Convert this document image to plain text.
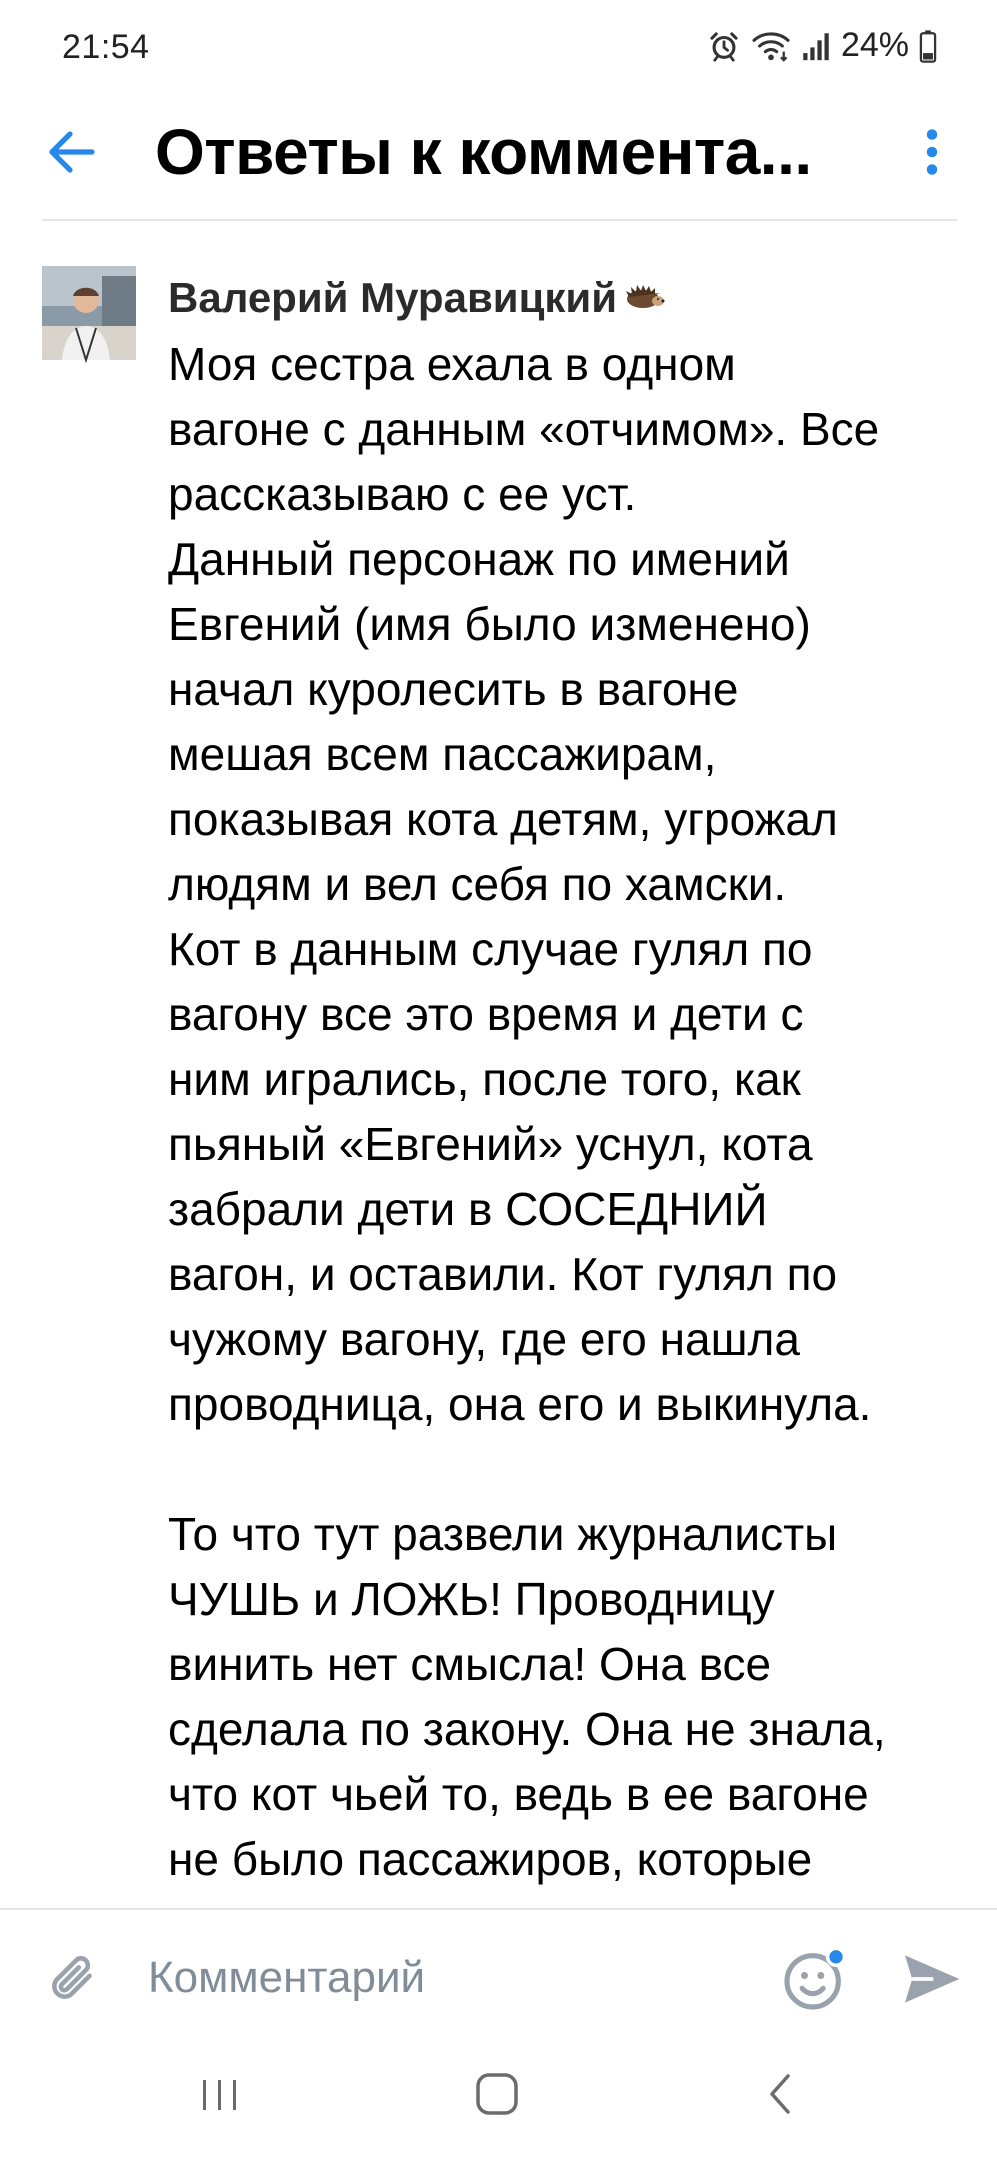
21:54	24%
Ответы к коммента...
Валерий Муравицкий

Моя сестра ехала в одном
вагоне с данным «отчимом». Все
рассказываю с ее уст.
Данный персонаж по имений
Евгений (имя было изменено)
начал куролесить в вагоне
мешая всем пассажирам,
показывая кота детям, угрожал
людям и вел себя по хамски.
Кот в данным случае гулял по
вагону все это время и дети с
ним игрались, после того, как
пьяный «Евгений» уснул, кота
забрали дети в СОСЕДНИЙ
вагон, и оставили. Кот гулял по
чужому вагону, где его нашла
проводница, она его и выкинула.

То что тут развели журналисты
ЧУШЬ и ЛОЖЬ! Проводницу
винить нет смысла! Она все
сделала по закону. Она не знала,
что кот чьей то, ведь в ее вагоне
не было пассажиров, которые

Комментарий
